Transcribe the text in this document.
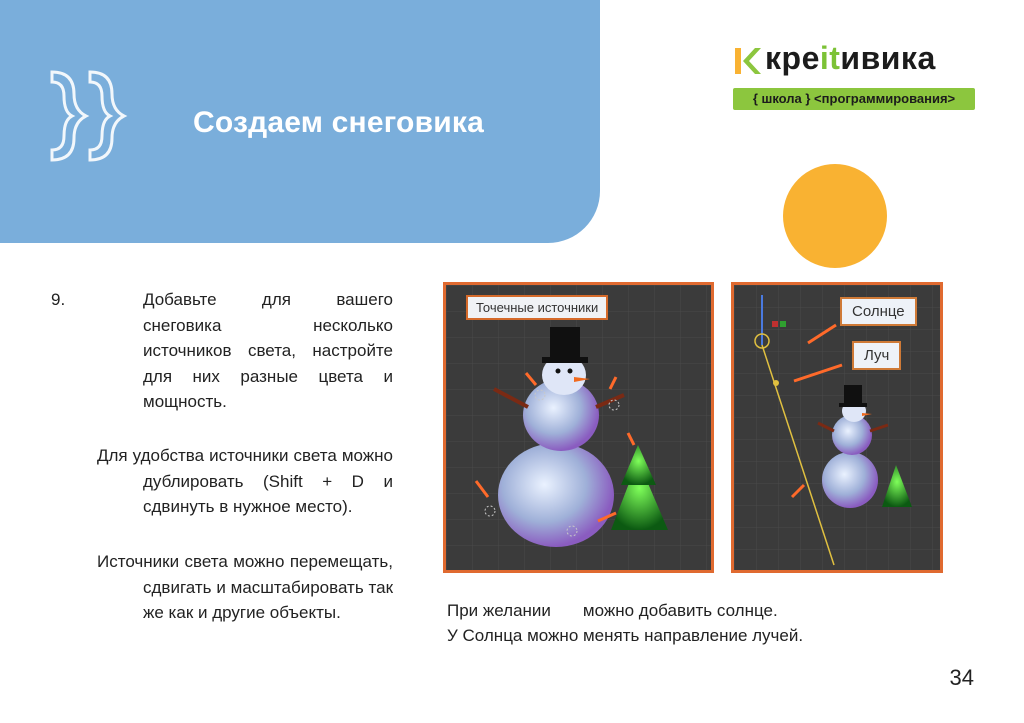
Создаем снеговика
креitивика
{ школа } <программирования>
9.	Добавьте для вашего снеговика несколько источников света, настройте для них разные цвета и мощность.
Для удобства источники света можно дублировать (Shift + D и сдвинуть в нужное место).
Источники света можно перемещать, сдвигать и масштабировать так же как и другие объекты.
Точечные источники	Солнце
Луч
При желании можно добавить солнце.
У Солнца можно менять направление лучей.
34
